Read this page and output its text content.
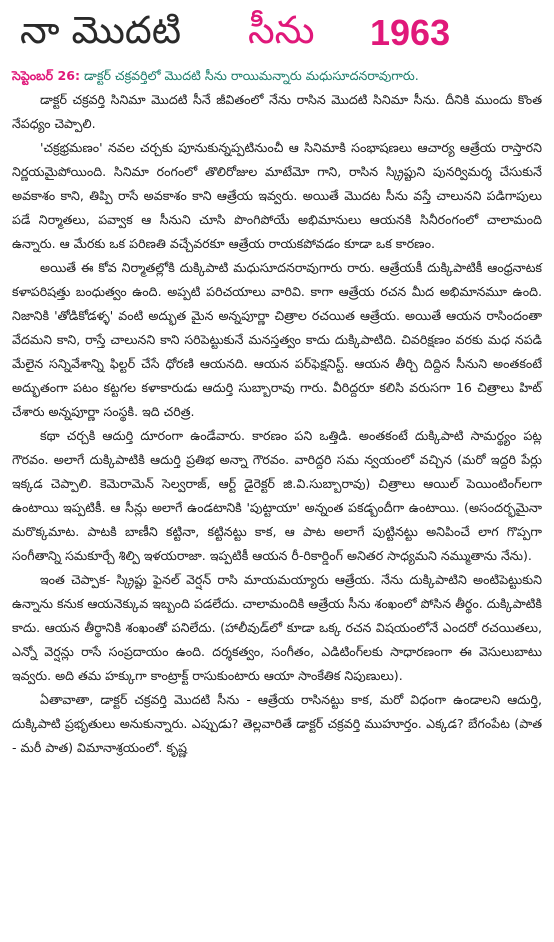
నా మొదటి సీను 1963
సెప్టెంబర్ 26: డాక్టర్ చక్రవర్తిలో మొదటి సీను రాయిమన్నారు మధుసూదనరావుగారు.

డాక్టర్ చక్రవర్తి సినిమా మొదటి సీనే జీవితంలో నేను రాసిన మొదటి సినిమా సీను. దీనికి ముందు కొంత నేపధ్యం చెప్పాలి.

'చక్రభ్రమణం' నవల చర్చకు పూనుకున్నప్పటినుంచీ ఆ సినిమాకి సంభాషణలు ఆచార్య ఆత్రేయ రాస్తారని నిర్ణయమైపోయింది. సినిమా రంగంలో తొలిరోజుల మాటేమో గాని, రాసిన స్క్రిప్టుని పునర్విమర్శ చేసుకునే అవకాశం కాని, తిప్పి రాసే అవకాశం కాని ఆత్రేయ ఇవ్వరు. అయితే మొదట సీను వస్తే చాలునని పడిగాపులు పడే నిర్మాతలు, పవ్వాక ఆ సీనుని చూసి పొంగిపోయే అభిమానులు ఆయనకి సినీరంగంలో చాలామంది ఉన్నారు. ఆ మేరకు ఒక పరిణతి వచ్చేవరకూ ఆత్రేయ రాయకపోవడం కూడా ఒక కారణం.

అయితే ఈ కోవ నిర్మాతల్లోకి దుక్కిపాటి మధుసూదనరావుగారు రారు. ఆత్రేయకీ దుక్కిపాటికీ ఆంధ్రనాటక కళాపరిషత్తు బంధుత్వం ఉంది. అప్పటి పరిచయాలు వారివి. కాగా ఆత్రేయ రచన మీద అభిమానమూ ఉంది. నిజానికి 'తోడికోడళ్ళ' వంటి అద్భుత మైన అన్నపూర్ణా చిత్రాల రచయిత ఆత్రేయ. అయితే ఆయన రాసిందంతా వేదమని కాని, రాస్తే చాలునని కాని సరిపెట్టుకునే మనస్తత్వం కాదు దుక్కిపాటిది. చివరిక్షణం వరకు మధ నపడి మేలైన సన్నివేశాన్ని ఫిల్టర్ చేసే ధోరణి ఆయనది. ఆయన పర్‌ఫెక్షనిస్ట్. ఆయన తీర్చి దిద్దిన సీనుని అంతకంటే అద్భుతంగా పటం కట్టగల కళాకారుడు ఆదుర్తి సుబ్బారావు గారు. వీరిద్దరూ కలిసి వరుసగా 16 చిత్రాలు హిట్ చేశారు అన్నపూర్ణా సంస్థకి. ఇది చరిత్ర.

కథా చర్చకి ఆదుర్తి దూరంగా ఉండేవారు. కారణం పని ఒత్తిడి. అంతకంటే దుక్కిపాటి సామర్థ్యం పట్ల గౌరవం. అలాగే దుక్కిపాటికి ఆదుర్తి ప్రతిభ అన్నా గౌరవం. వారిద్దరి సమ న్వయంలో వచ్చిన (మరో ఇద్దరి పేర్లు ఇక్కడ చెప్పాలి. కెమెరామెన్ సెల్వరాజ్, ఆర్ట్ డైరెక్టర్ జి.వి.సుబ్బారావు) చిత్రాలు ఆయిల్ పెయింటింగ్‌లగా ఉంటాయి ఇప్పటికీ. ఆ సీన్లు అలాగే ఉండటానికి 'పుట్టాయా' అన్నంత పకడ్బందీగా ఉంటాయి. (అసందర్భమైనా మరొక్కమాట. పాటకి బాణీని కట్టినా, కట్టినట్టు కాక, ఆ పాట అలాగే పుట్టినట్టు అనిపించే లాగ గొప్పగా సంగీతాన్ని సమకూర్చే శిల్పి ఇళయరాజా. ఇప్పటికీ ఆయన రీ-రికార్డింగ్ అనితర సాధ్యమని నమ్ముతాను నేను).

ఇంత చెప్పాక- స్క్రిప్టు ఫైనల్ వెర్షన్ రాసి మాయమయ్యారు ఆత్రేయ. నేను దుక్కిపాటిని అంటిపెట్టుకుని ఉన్నాను కనుక ఆయనెక్కువ ఇబ్బంది పడలేదు. చాలామందికి ఆత్రేయ సీను శంఖంలో పోసిన తీర్థం. దుక్కిపాటికి కాదు. ఆయన తీర్థానికి శంఖంతో పనిలేదు. (హాలీవుడ్‌లో కూడా ఒక్క రచన విషయంలోనే ఎందరో రచయితలు, ఎన్నో వెర్షన్లు రాసే సంప్రదాయం ఉంది. దర్శకత్వం, సంగీతం, ఎడిటింగ్‌లకు సాధారణంగా ఈ వెసులుబాటు ఇవ్వరు. అది తమ హక్కుగా కాంట్రాక్ట్ రాసుకుంటారు ఆయా సాంకేతిక నిపుణులు).

ఏతావాతా, డాక్టర్ చక్రవర్తి మొదటి సీను - ఆత్రేయ రాసినట్టు కాక, మరో విధంగా ఉండాలని ఆదుర్తి, దుక్కిపాటి ప్రభృతులు అనుకున్నారు. ఎప్పుడు? తెల్లవారితే డాక్టర్ చక్రవర్తి ముహూర్తం. ఎక్కడ? బేగంపేట (పాత - మరీ పాత) విమానాశ్రయంలో. కృష్ణ
